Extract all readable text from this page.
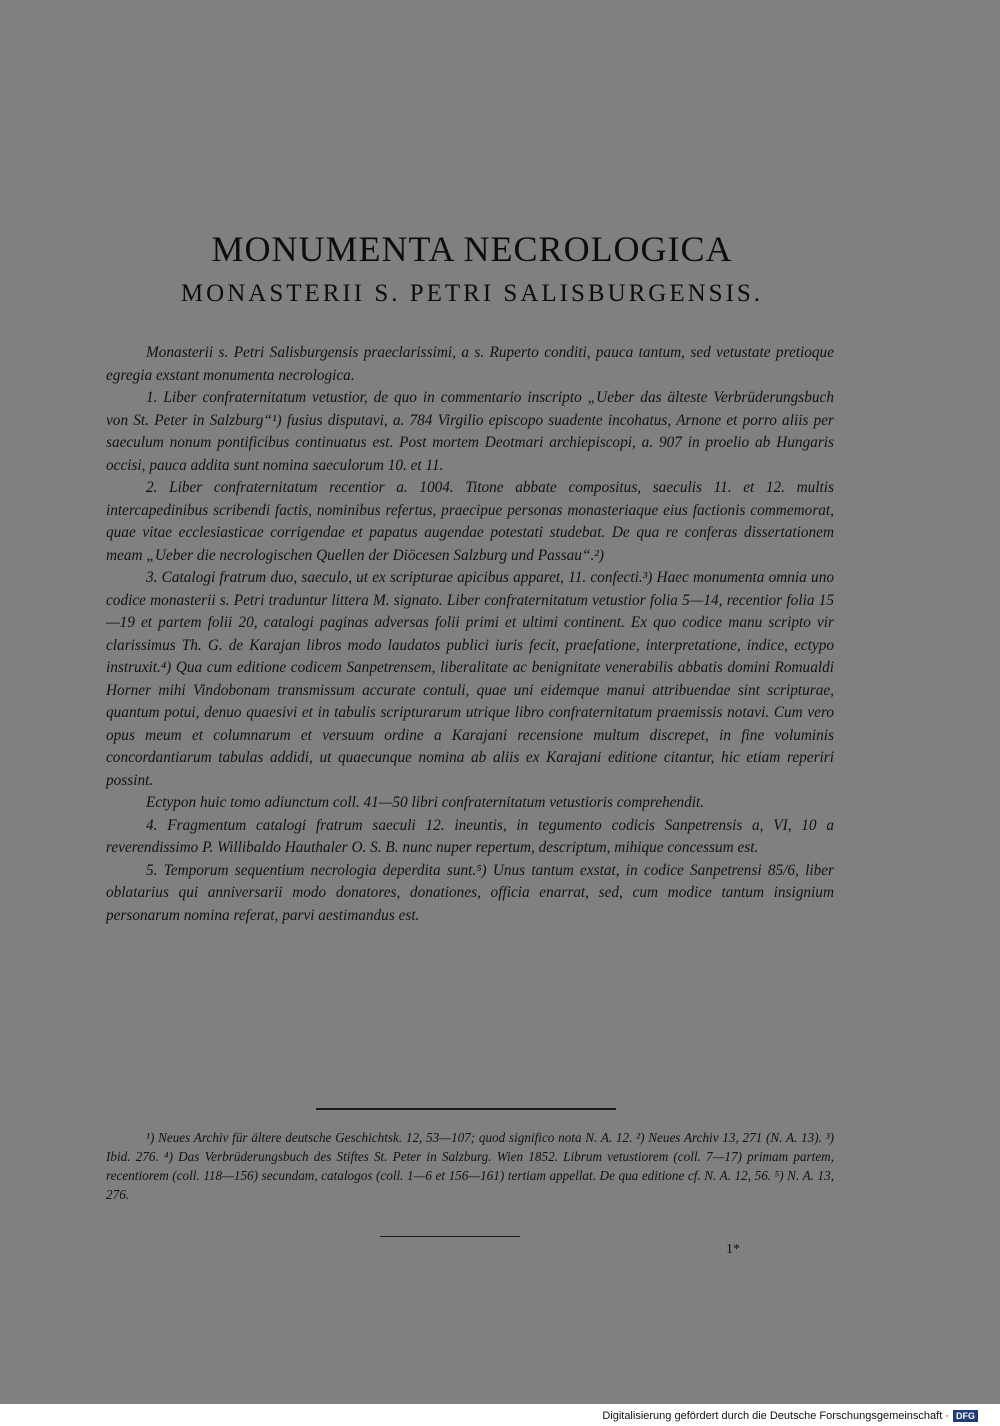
MONUMENTA NECROLOGICA
MONASTERII S. PETRI SALISBURGENSIS.

Monasterii s. Petri Salisburgensis praeclarissimi, a s. Ruperto conditi, pauca tantum, sed vetustate pretioque egregia exstant monumenta necrologica.

1. Liber confraternitatum vetustior, de quo in commentario inscripto „Ueber das älteste Verbrüderungsbuch von St. Peter in Salzburg“¹) fusius disputavi, a. 784 Virgilio episcopo suadente incohatus, Arnone et porro aliis per saeculum nonum pontificibus continuatus est. Post mortem Deotmari archiepiscopi, a. 907 in proelio ab Hungaris occisi, pauca addita sunt nomina saeculorum 10. et 11.

2. Liber confraternitatum recentior a. 1004. Titone abbate compositus, saeculis 11. et 12. multis intercapedinibus scribendi factis, nominibus refertus, praecipue personas monasteriaque eius factionis commemorat, quae vitae ecclesiasticae corrigendae et papatus augendae potestati studebat. De qua re conferas dissertationem meam „Ueber die necrologischen Quellen der Diöcesen Salzburg und Passau“.²)

3. Catalogi fratrum duo, saeculo, ut ex scripturae apicibus apparet, 11. confecti.³) Haec monumenta omnia uno codice monasterii s. Petri traduntur littera M. signato. Liber confraternitatum vetustior folia 5—14, recentior folia 15—19 et partem folii 20, catalogi paginas adversas folii primi et ultimi continent. Ex quo codice manu scripto vir clarissimus Th. G. de Karajan libros modo laudatos publici iuris fecit, praefatione, interpretatione, indice, ectypo instruxit.⁴) Qua cum editione codicem Sanpetrensem, liberalitate ac benignitate venerabilis abbatis domini Romualdi Horner mihi Vindobonam transmissum accurate contuli, quae uni eidemque manui attribuendae sint scripturae, quantum potui, denuo quaesivi et in tabulis scripturarum utrique libro confraternitatum praemissis notavi. Cum vero opus meum et columnarum et versuum ordine a Karajani recensione multum discrepet, in fine voluminis concordantiarum tabulas addidi, ut quaecunque nomina ab aliis ex Karajani editione citantur, hic etiam reperiri possint.

Ectypon huic tomo adiunctum coll. 41—50 libri confraternitatum vetustioris comprehendit.

4. Fragmentum catalogi fratrum saeculi 12. ineuntis, in tegumento codicis Sanpetrensis a, VI, 10 a reverendissimo P. Willibaldo Hauthaler O. S. B. nunc nuper repertum, descriptum, mihique concessum est.

5. Temporum sequentium necrologia deperdita sunt.⁵) Unus tantum exstat, in codice Sanpetrensi 85/6, liber oblatarius qui anniversarii modo donatores, donationes, officia enarrat, sed, cum modice tantum insignium personarum nomina referat, parvi aestimandus est.

¹) Neues Archiv für ältere deutsche Geschichtsk. 12, 53—107; quod significo nota N. A. 12. ²) Neues Archiv 13, 271 (N. A. 13). ³) Ibid. 276. ⁴) Das Verbrüderungsbuch des Stiftes St. Peter in Salzburg. Wien 1852. Librum vetustiorem (coll. 7—17) primam partem, recentiorem (coll. 118—156) secundam, catalogos (coll. 1—6 et 156—161) tertiam appellat. De qua editione cf. N. A. 12, 56. ⁵) N. A. 13, 276.

1*
Digitalisierung gefördert durch die Deutsche Forschungsgemeinschaft · DFG
